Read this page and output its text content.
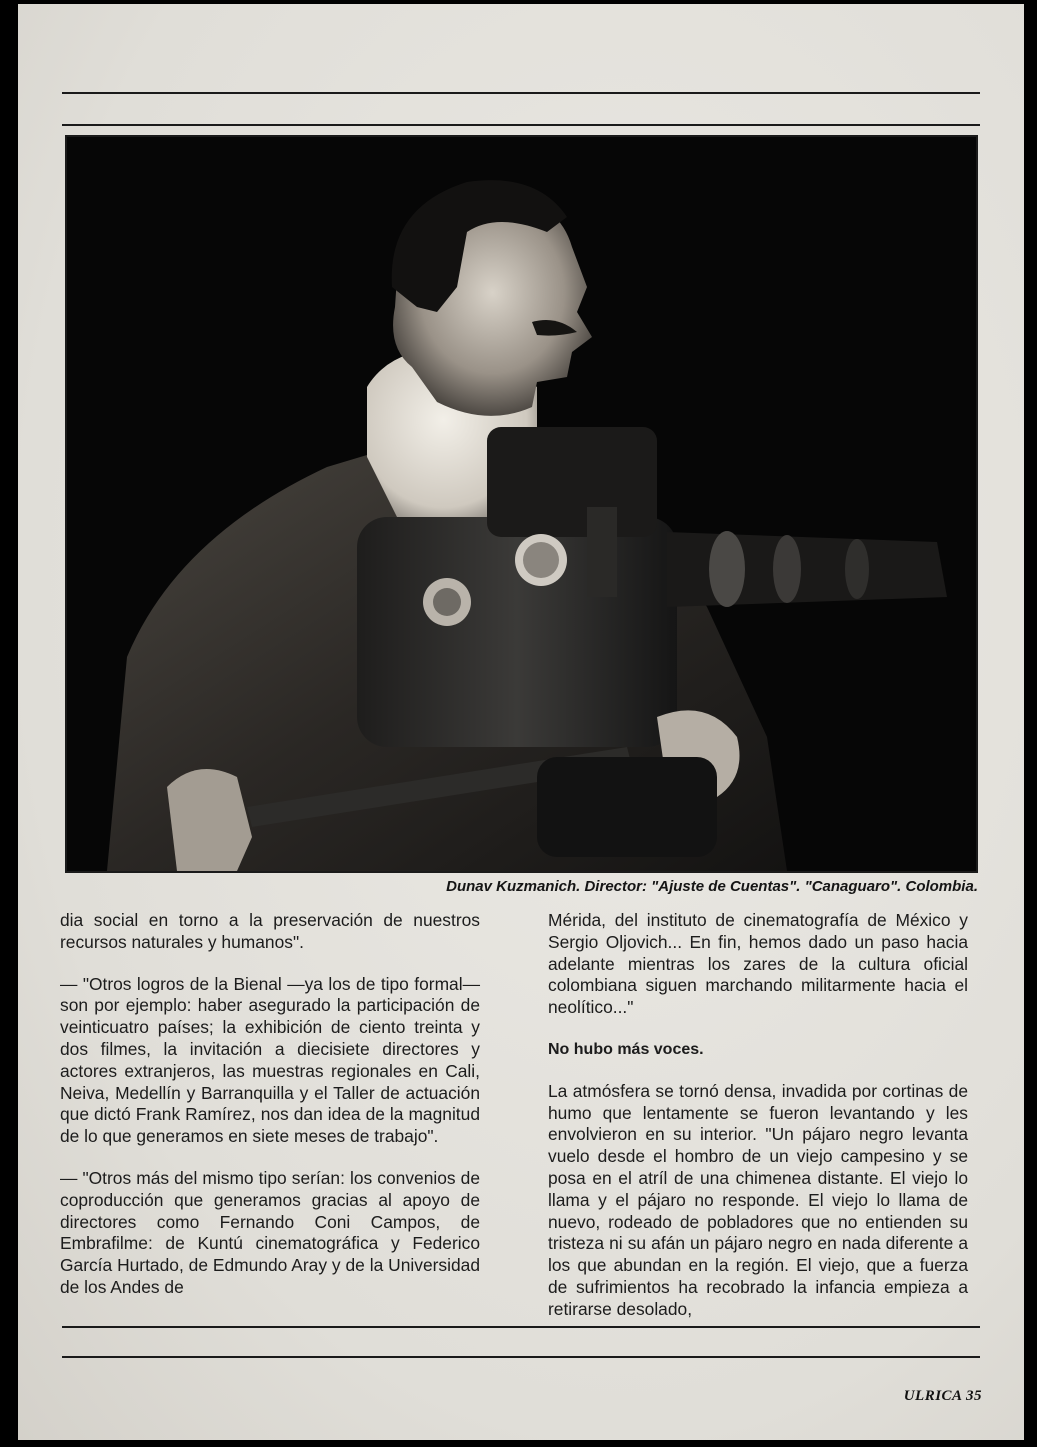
Dunav Kuzmanich. Director: "Ajuste de Cuentas". "Canaguaro". Colombia.

dia social en torno a la preservación de nuestros recursos naturales y humanos".

— "Otros logros de la Bienal —ya los de tipo formal— son por ejemplo: haber asegurado la participación de veinticuatro países; la exhibición de ciento treinta y dos filmes, la invitación a diecisiete directores y actores extranjeros, las muestras regionales en Cali, Neiva, Medellín y Barranquilla y el Taller de actuación que dictó Frank Ramírez, nos dan idea de la magnitud de lo que generamos en siete meses de trabajo".

— "Otros más del mismo tipo serían: los convenios de coproducción que generamos gracias al apoyo de directores como Fernando Coni Campos, de Embrafilme: de Kuntú cinematográfica y Federico García Hurtado, de Edmundo Aray y de la Universidad de los Andes de

Mérida, del instituto de cinematografía de México y Sergio Oljovich... En fin, hemos dado un paso hacia adelante mientras los zares de la cultura oficial colombiana siguen marchando militarmente hacia el neolítico..."

No hubo más voces.

La atmósfera se tornó densa, invadida por cortinas de humo que lentamente se fueron levantando y les envolvieron en su interior. "Un pájaro negro levanta vuelo desde el hombro de un viejo campesino y se posa en el atríl de una chimenea distante. El viejo lo llama y el pájaro no responde. El viejo lo llama de nuevo, rodeado de pobladores que no entienden su tristeza ni su afán un pájaro negro en nada diferente a los que abundan en la región. El viejo, que a fuerza de sufrimientos ha recobrado la infancia empieza a retirarse desolado,

ULRICA 35
